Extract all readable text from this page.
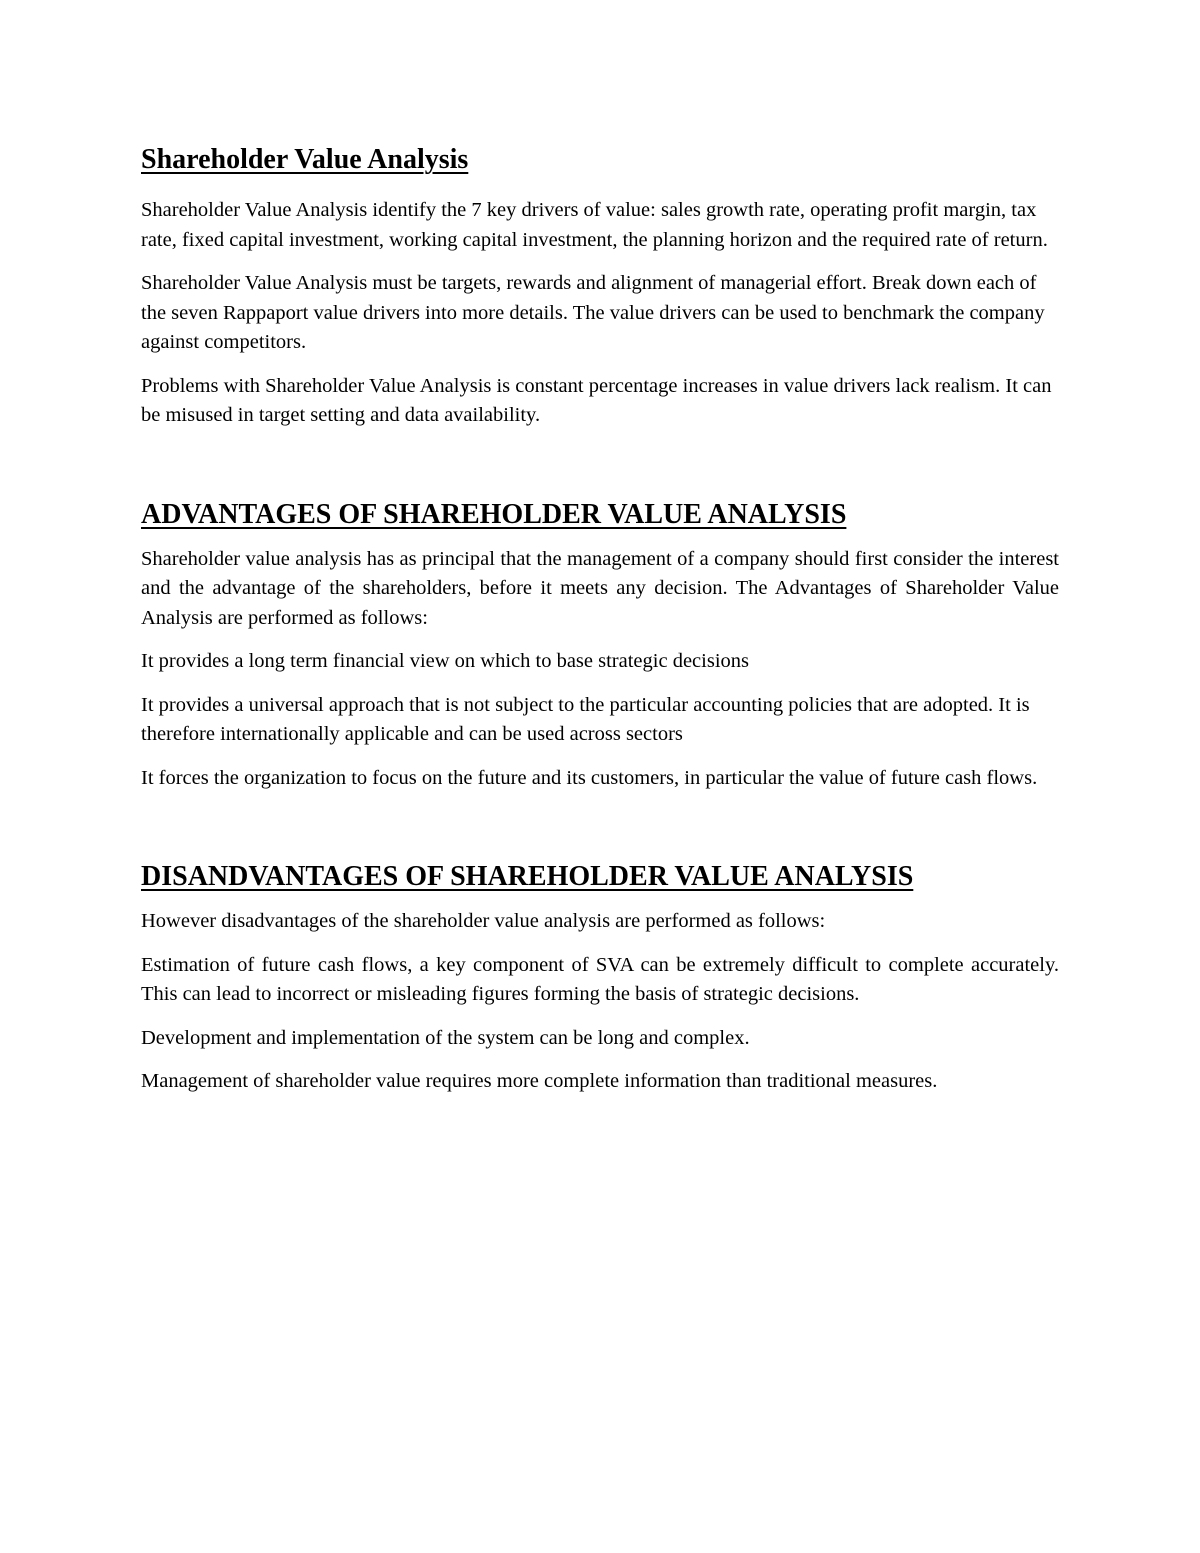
Shareholder Value Analysis

Shareholder Value Analysis identify the 7 key drivers of value: sales growth rate, operating profit margin, tax rate, fixed capital investment, working capital investment, the planning horizon and the required rate of return.

Shareholder Value Analysis must be targets, rewards and alignment of managerial effort. Break down each of the seven Rappaport value drivers into more details. The value drivers can be used to benchmark the company against competitors.

Problems with Shareholder Value Analysis is constant percentage increases in value drivers lack realism. It can be misused in target setting and data availability.

ADVANTAGES OF SHAREHOLDER VALUE ANALYSIS

Shareholder value analysis has as principal that the management of a company should first consider the interest and the advantage of the shareholders, before it meets any decision. The Advantages of Shareholder Value Analysis are performed as follows:

It provides a long term financial view on which to base strategic decisions

It provides a universal approach that is not subject to the particular accounting policies that are adopted. It is therefore internationally applicable and can be used across sectors

It forces the organization to focus on the future and its customers, in particular the value of future cash flows.

DISANDVANTAGES OF SHAREHOLDER VALUE ANALYSIS

However disadvantages of the shareholder value analysis are performed as follows:

Estimation of future cash flows, a key component of SVA can be extremely difficult to complete accurately. This can lead to incorrect or misleading figures forming the basis of strategic decisions.

Development and implementation of the system can be long and complex.

Management of shareholder value requires more complete information than traditional measures.
